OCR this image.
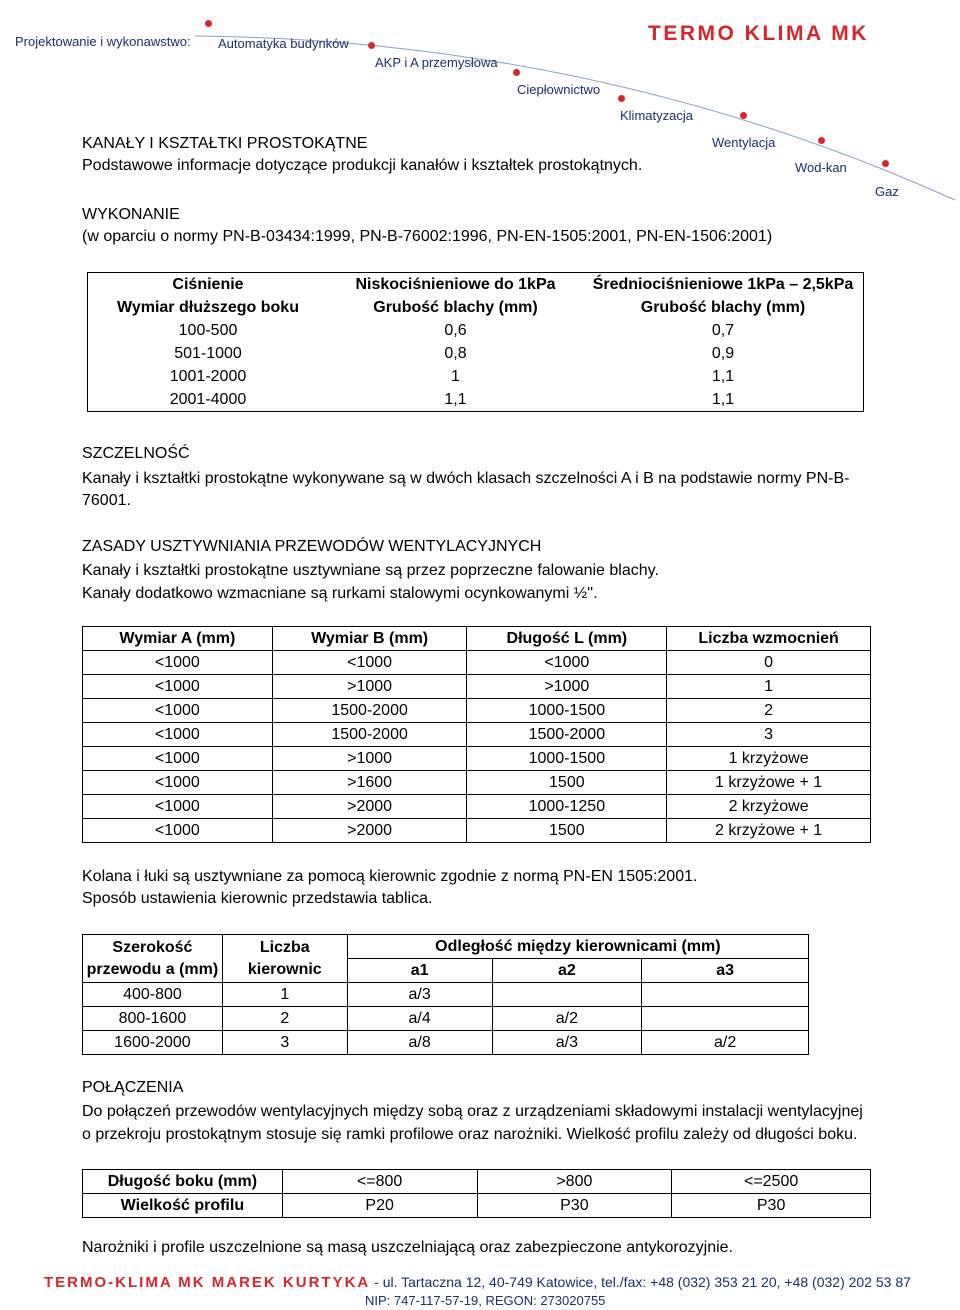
Projektowanie i wykonawstwo: Automatyka budynków
AKP i A przemysłowa
Ciepłownictwo
Klimatyzacja
Wentylacja
Wod-kan
Gaz
TERMO KLIMA MK
KANAŁY I KSZTAŁTKI PROSTOKĄTNE
Podstawowe informacje dotyczące produkcji kanałów i kształtek prostokątnych.
WYKONANIE
(w oparciu o normy PN-B-03434:1999, PN-B-76002:1996, PN-EN-1505:2001, PN-EN-1506:2001)
Ciśnienie	Niskociśnieniowe do 1kPa	Średniociśnieniowe 1kPa – 2,5kPa
Wymiar dłuższego boku	Grubość blachy (mm)	Grubość blachy (mm)
100-500	0,6	0,7
501-1000	0,8	0,9
1001-2000	1	1,1
2001-4000	1,1	1,1
SZCZELNOŚĆ
Kanały i kształtki prostokątne wykonywane są w dwóch klasach szczelności A i B na podstawie normy PN-B-76001.
ZASADY USZTYWNIANIA PRZEWODÓW WENTYLACYJNYCH
Kanały i kształtki prostokątne usztywniane są przez poprzeczne falowanie blachy.
Kanały dodatkowo wzmacniane są rurkami stalowymi ocynkowanymi ½''.
Wymiar A (mm)	Wymiar B (mm)	Długość L (mm)	Liczba wzmocnień
<1000	<1000	<1000	0
<1000	>1000	>1000	1
<1000	1500-2000	1000-1500	2
<1000	1500-2000	1500-2000	3
<1000	>1000	1000-1500	1 krzyżowe
<1000	>1600	1500	1 krzyżowe + 1
<1000	>2000	1000-1250	2 krzyżowe
<1000	>2000	1500	2 krzyżowe + 1
Kolana i łuki są usztywniane za pomocą kierownic zgodnie z normą PN-EN 1505:2001.
Sposób ustawienia kierownic przedstawia tablica.
Szerokość przewodu a (mm)	Liczba kierownic	Odległość między kierownicami (mm)		
		a1	a2	a3
400-800	1	a/3		
800-1600	2	a/4	a/2	
1600-2000	3	a/8	a/3	a/2
POŁĄCZENIA
Do połączeń przewodów wentylacyjnych między sobą oraz z urządzeniami składowymi instalacji wentylacyjnej
o przekroju prostokątnym stosuje się ramki profilowe oraz narożniki. Wielkość profilu zależy od długości boku.
Długość boku (mm)	<=800	>800	<=2500
Wielkość profilu	P20	P30	P30
Narożniki i profile uszczelnione są masą uszczelniającą oraz zabezpieczone antykorozyjnie.
TERMO-KLIMA MK MAREK KURTYKA - ul. Tartaczna 12, 40-749 Katowice, tel./fax: +48 (032) 353 21 20, +48 (032) 202 53 87
NIP: 747-117-57-19, REGON: 273020755
